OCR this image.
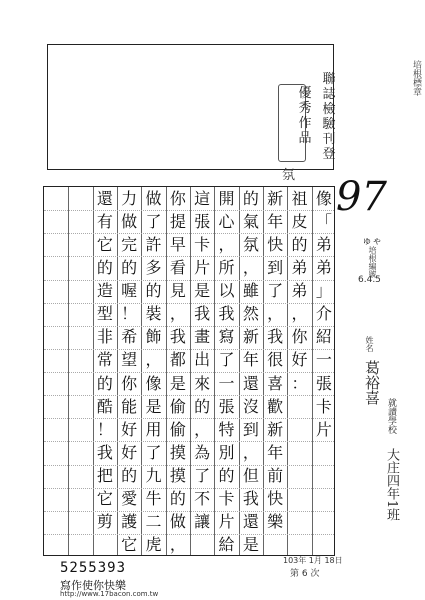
聯
誌
檢
驗
刊
登
優
秀
作
品
培根標章
氛 97
ゅゃ
培根編號
6.4.5
像
「
弟
弟
」
介
紹
一
張
卡
片
祖
皮
的
弟
弟
，
你
好
：
新
年
快
到
了
，
我
很
喜
歡
新
年
前
快
樂
的
氣
氛
，
雖
然
新
年
還
沒
到
，
但
我
還
是
開
心
，
所
以
我
寫
了
一
張
特
別
的
卡
片
給
這
張
卡
片
是
我
畫
出
來
的
，
為
了
不
讓
你
提
早
看
見
，
我
都
是
偷
偷
摸
摸
的
做
，
做
了
許
多
的
裝
飾
，
像
是
用
了
九
牛
二
虎
力
做
完
的
喔
！
希
望
你
能
好
好
的
愛
護
它
還
有
它
的
造
型
非
常
的
酷
！
我
把
它
剪
姓名
葛裕喜
就讀學校
大庄四年1班
103年 1月 18日
第 6 次
5255393
寫作使你快樂
http://www.17bacon.com.tw
